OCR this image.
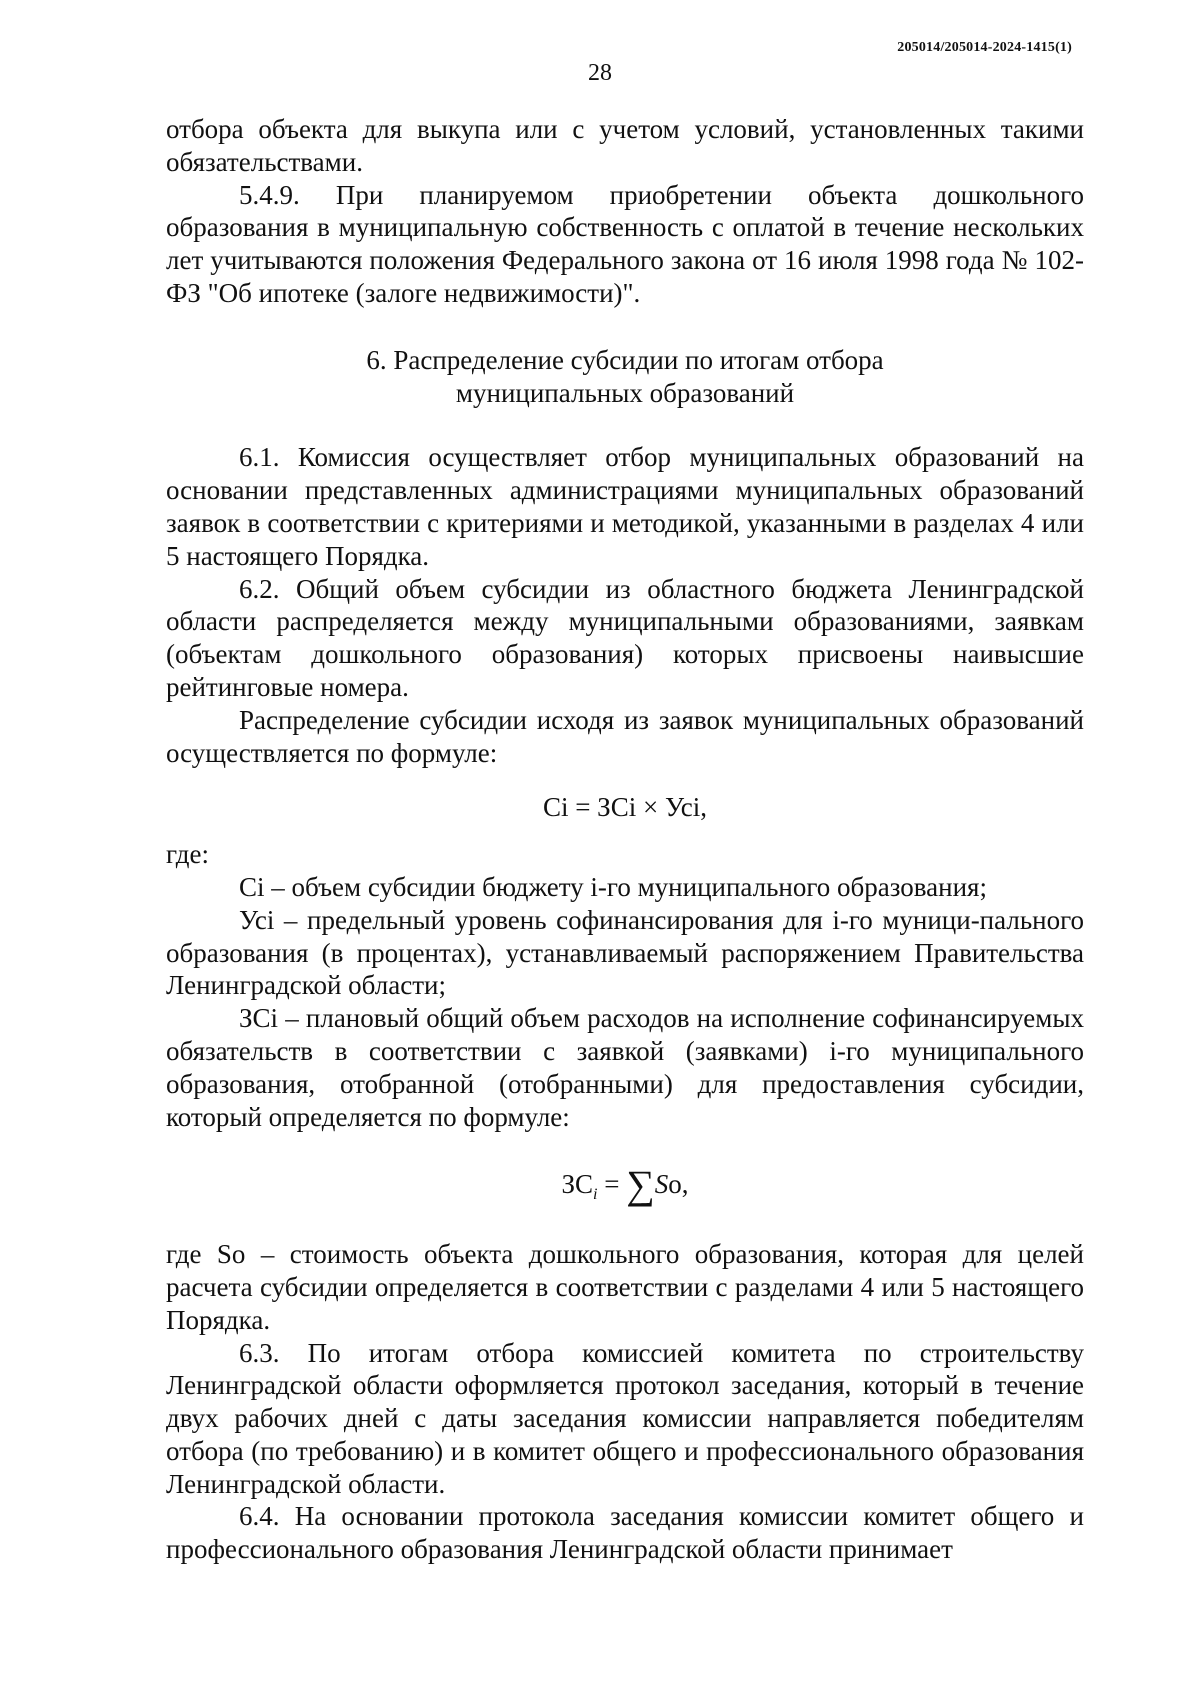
205014/205014-2024-1415(1)
28

отбора объекта для выкупа или с учетом условий, установленных такими обязательствами.

5.4.9. При планируемом приобретении объекта дошкольного образования в муниципальную собственность с оплатой в течение нескольких лет учитываются положения Федерального закона от 16 июля 1998 года № 102-ФЗ "Об ипотеке (залоге недвижимости)".

6. Распределение субсидии по итогам отбора
муниципальных образований

6.1. Комиссия осуществляет отбор муниципальных образований на основании представленных администрациями муниципальных образований заявок в соответствии с критериями и методикой, указанными в разделах 4 или 5 настоящего Порядка.

6.2. Общий объем субсидии из областного бюджета Ленинградской области распределяется между муниципальными образованиями, заявкам (объектам дошкольного образования) которых присвоены наивысшие рейтинговые номера.

Распределение субсидии исходя из заявок муниципальных образований осуществляется по формуле:

Ci = ЗCi × Усi,

где:

Ci – объем субсидии бюджету i-го муниципального образования;

Усi – предельный уровень софинансирования для i-го муници-пального образования (в процентах), устанавливаемый распоряжением Правительства Ленинградской области;

ЗCi – плановый общий объем расходов на исполнение софинансируемых обязательств в соответствии с заявкой (заявками) i-го муниципального образования, отобранной (отобранными) для предоставления субсидии, который определяется по формуле:

$ЗC_i = \sum So$,

где So – стоимость объекта дошкольного образования, которая для целей расчета субсидии определяется в соответствии с разделами 4 или 5 настоящего Порядка.

6.3. По итогам отбора комиссией комитета по строительству Ленинградской области оформляется протокол заседания, который в течение двух рабочих дней с даты заседания комиссии направляется победителям отбора (по требованию) и в комитет общего и профессионального образования Ленинградской области.

6.4. На основании протокола заседания комиссии комитет общего и профессионального образования Ленинградской области принимает
